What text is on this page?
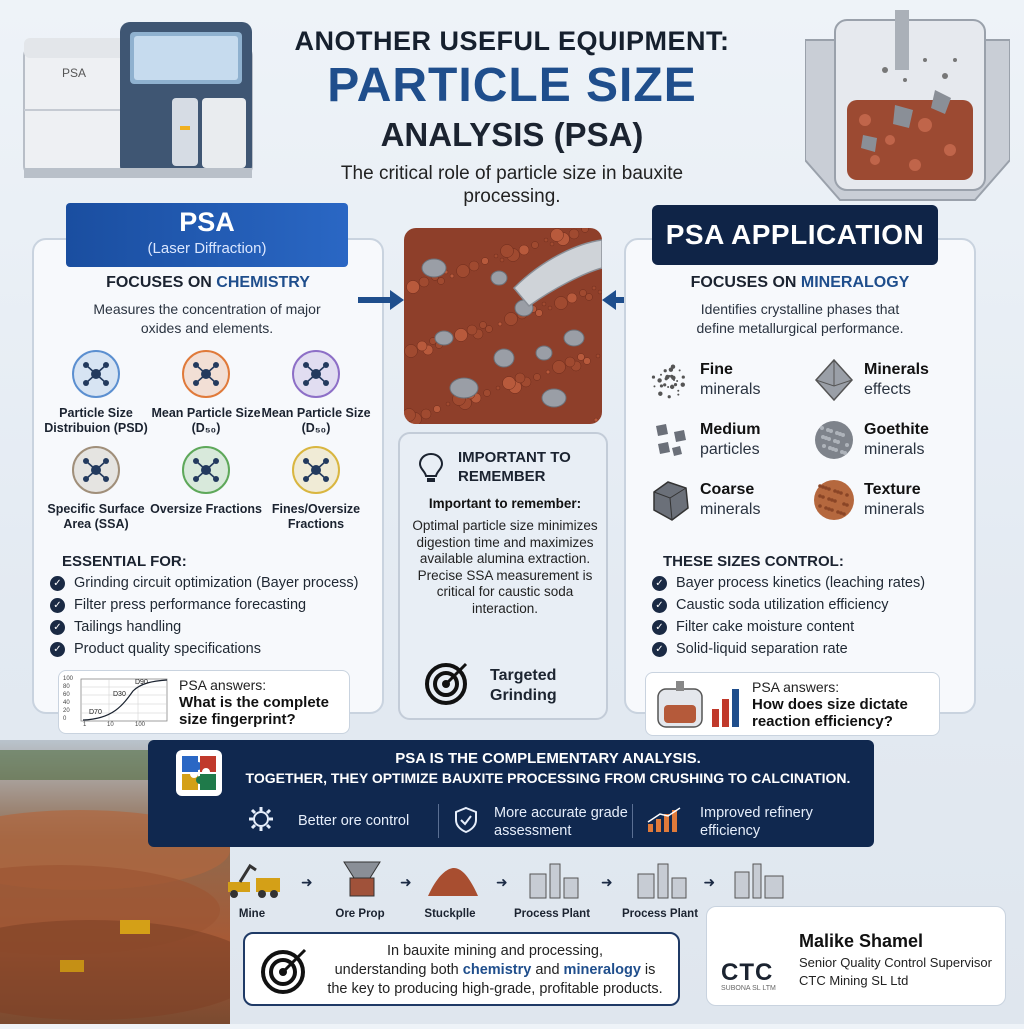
PSA
ANOTHER USEFUL EQUIPMENT:
PARTICLE SIZE
ANALYSIS (PSA)
The critical role of particle size in bauxite processing.
PSA
(Laser Diffraction)
FOCUSES ON CHEMISTRY
Measures the concentration of major oxides and elements.
Particle Size Distribuion (PSD)
Mean Particle Size (D₅₀)
Mean Particle Size (D₅₀)
Specific Surface Area (SSA)
Oversize Fractions Fines/Oversize Fractions
ESSENTIAL FOR:
✓ Grinding circuit optimization (Bayer process)
✓ Filter press performance forecasting
✓ Tailings handling
✓ Product quality specifications
PSA answers:
What is the complete size fingerprint?
100
80
60
40
20
0
1	10	100
D90
D30
D70
IMPORTANT TO REMEMBER
Important to remember:
Optimal particle size minimizes digestion time and maximizes available alumina extraction. Precise SSA measurement is critical for caustic soda interaction.
Targeted Grinding
PSA APPLICATION
FOCUSES ON MINERALOGY
Identifies crystalline phases that define metallurgical performance.
Fine
minerals
Minerals
effects
Medium
particles
Goethite
minerals
Coarse
minerals
Texture
minerals
THESE SIZES CONTROL:
✓ Bayer process kinetics (leaching rates)
✓ Caustic soda utilization efficiency
✓ Filter cake moisture content
✓ Solid-liquid separation rate
PSA answers:
How does size dictate reaction efficiency?
PSA IS THE COMPLEMENTARY ANALYSIS.
TOGETHER, THEY OPTIMIZE BAUXITE PROCESSING FROM CRUSHING TO CALCINATION.
Better ore control	More accurate grade assessment
Improved refinery efficiency
Mine
➜
Ore Prop
➜
Stuckplle
➜
Process Plant
➜
Process Plant
➜
In bauxite mining and processing,
understanding both chemistry and mineralogy is
the key to producing high-grade, profitable products.
CTC
SUBONA SL LTM
Malike Shamel
Senior Quality Control Supervisor
CTC Mining SL Ltd
